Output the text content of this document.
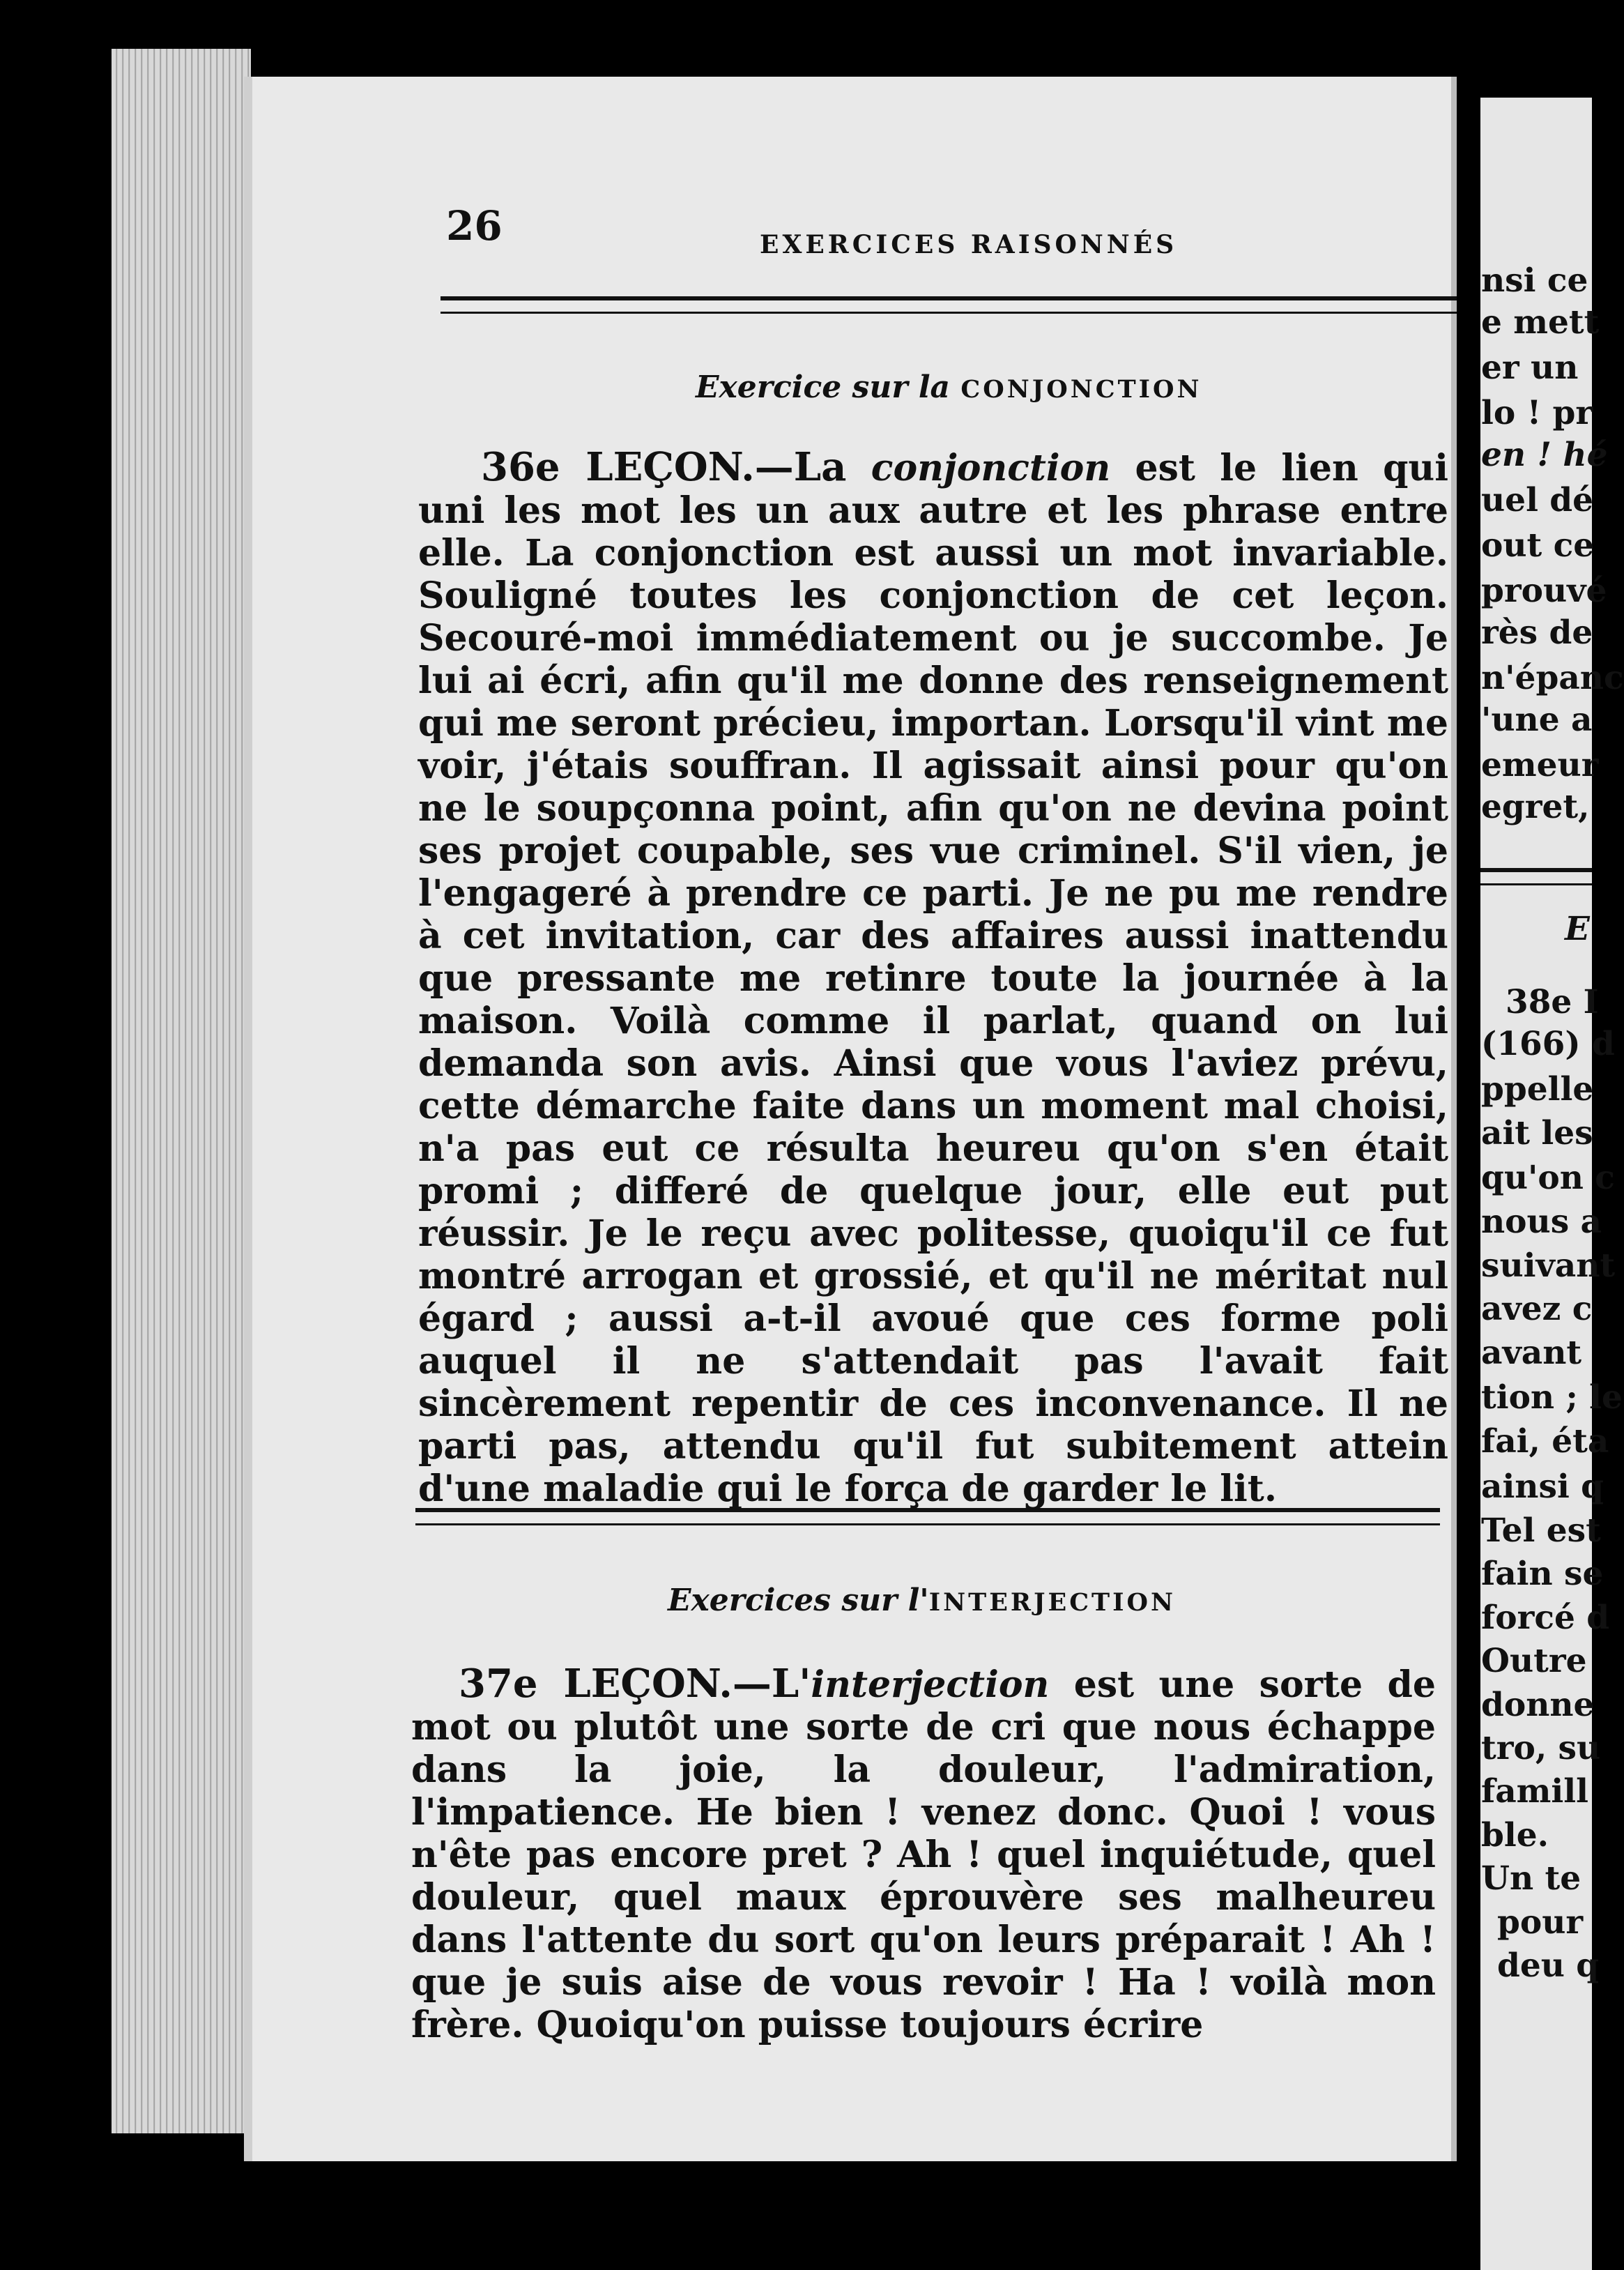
26	EXERCICES RAISONNÉS
Exercice sur la CONJONCTION
36e LEÇON.—La conjonction est le lien qui uni les mot les un aux autre et les phrase entre elle. La conjonction est aussi un mot invariable. Souligné toutes les conjonction de cet leçon. Secouré-moi immédiatement ou je succombe. Je lui ai écri, afin qu'il me donne des renseignement qui me seront précieu, importan. Lorsqu'il vint me voir, j'étais souffran. Il agissait ainsi pour qu'on ne le soupçonna point, afin qu'on ne devina point ses projet coupable, ses vue criminel. S'il vien, je l'engageré à prendre ce parti. Je ne pu me rendre à cet invitation, car des affaires aussi inattendu que pressante me retinre toute la journée à la maison. Voilà comme il parlat, quand on lui demanda son avis. Ainsi que vous l'aviez prévu, cette démarche faite dans un moment mal choisi, n'a pas eut ce résulta heureu qu'on s'en était promi ; differé de quelque jour, elle eut put réussir. Je le reçu avec politesse, quoiqu'il ce fut montré arrogan et grossié, et qu'il ne méritat nul égard ; aussi a-t-il avoué que ces forme poli auquel il ne s'attendait pas l'avait fait sincèrement repentir de ces inconvenance. Il ne parti pas, attendu qu'il fut subitement attein d'une maladie qui le força de garder le lit.
Exercices sur l'INTERJECTION
37e LEÇON.—L'interjection est une sorte de mot ou plutôt une sorte de cri que nous échappe dans la joie, la douleur, l'admiration, l'impatience. He bien ! venez donc. Quoi ! vous n'ête pas encore pret ? Ah ! quel inquiétude, quel douleur, quel maux éprouvère ses malheureu dans l'attente du sort qu'on leurs préparait ! Ah ! que je suis aise de vous revoir ! Ha ! voilà mon frère. Quoiqu'on puisse toujours écrire
nsi ce
e mett
er un
lo ! pr
en ! hé
uel dé
out ce
prouvé
rès de
n'épanc
'une a
emeur
egret,
E
38e I
(166) d
ppelle
ait les
qu'on c
nous a
suivant
avez c
avant
tion ; le
fai, éta
ainsi q
Tel est
fain se
forcé d
Outre
donne
tro, su
famill
ble.
Un te
pour
deu q
